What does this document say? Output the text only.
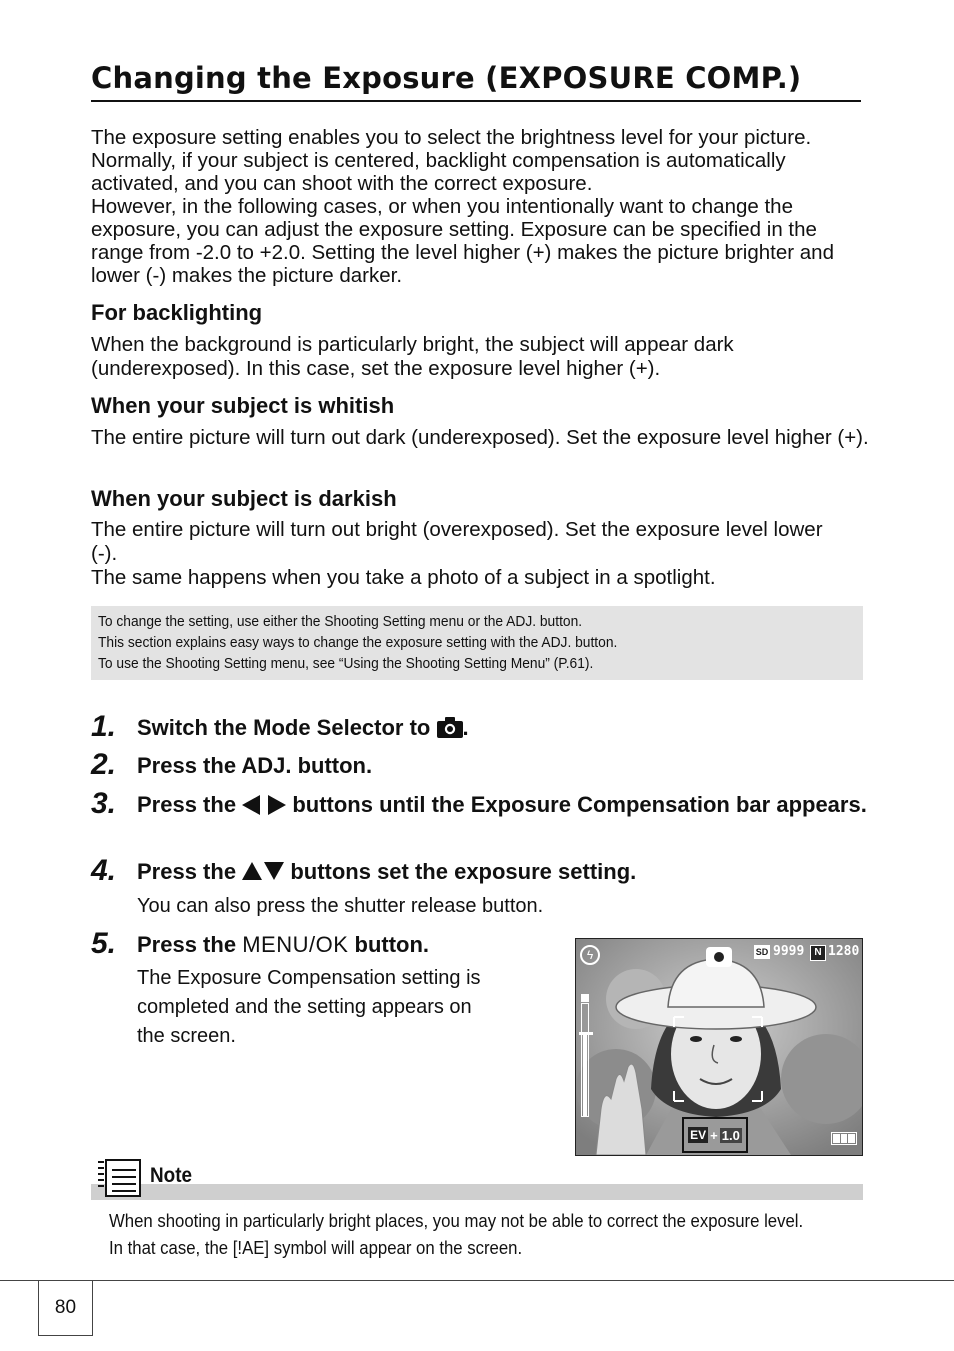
Changing the Exposure (EXPOSURE COMP.)

The exposure setting enables you to select the brightness level for your picture. Normally, if your subject is centered, backlight compensation is automatically activated, and you can shoot with the correct exposure.

However, in the following cases, or when you intentionally want to change the exposure, you can adjust the exposure setting. Exposure can be specified in the range from -2.0 to +2.0. Setting the level higher (+) makes the picture brighter and lower (-) makes the picture darker.

For backlighting

When the background is particularly bright, the subject will appear dark (underexposed). In this case, set the exposure level higher (+).

When your subject is whitish

The entire picture will turn out dark (underexposed). Set the exposure level higher (+).

When your subject is darkish

The entire picture will turn out bright (overexposed). Set the exposure level lower (-).

The same happens when you take a photo of a subject in a spotlight.

To change the setting, use either the Shooting Setting menu or the ADJ. button.

This section explains easy ways to change the exposure setting with the ADJ. button.

To use the Shooting Setting menu, see “Using the Shooting Setting Menu” (P.61).

1. Switch the Mode Selector to .
2. Press the ADJ. button.
3. Press the	buttons until the Exposure Compensation bar appears.
4. Press the buttons set the exposure setting.
You can also press the shutter release button.
5. Press the MENU/OK button.
The Exposure Compensation setting is
completed and the setting appears on
the screen.
ϟ	SD 9999	N 1280
EV + 1.0
Note

When shooting in particularly bright places, you may not be able to correct the exposure level.

In that case, the [!AE] symbol will appear on the screen.

80
